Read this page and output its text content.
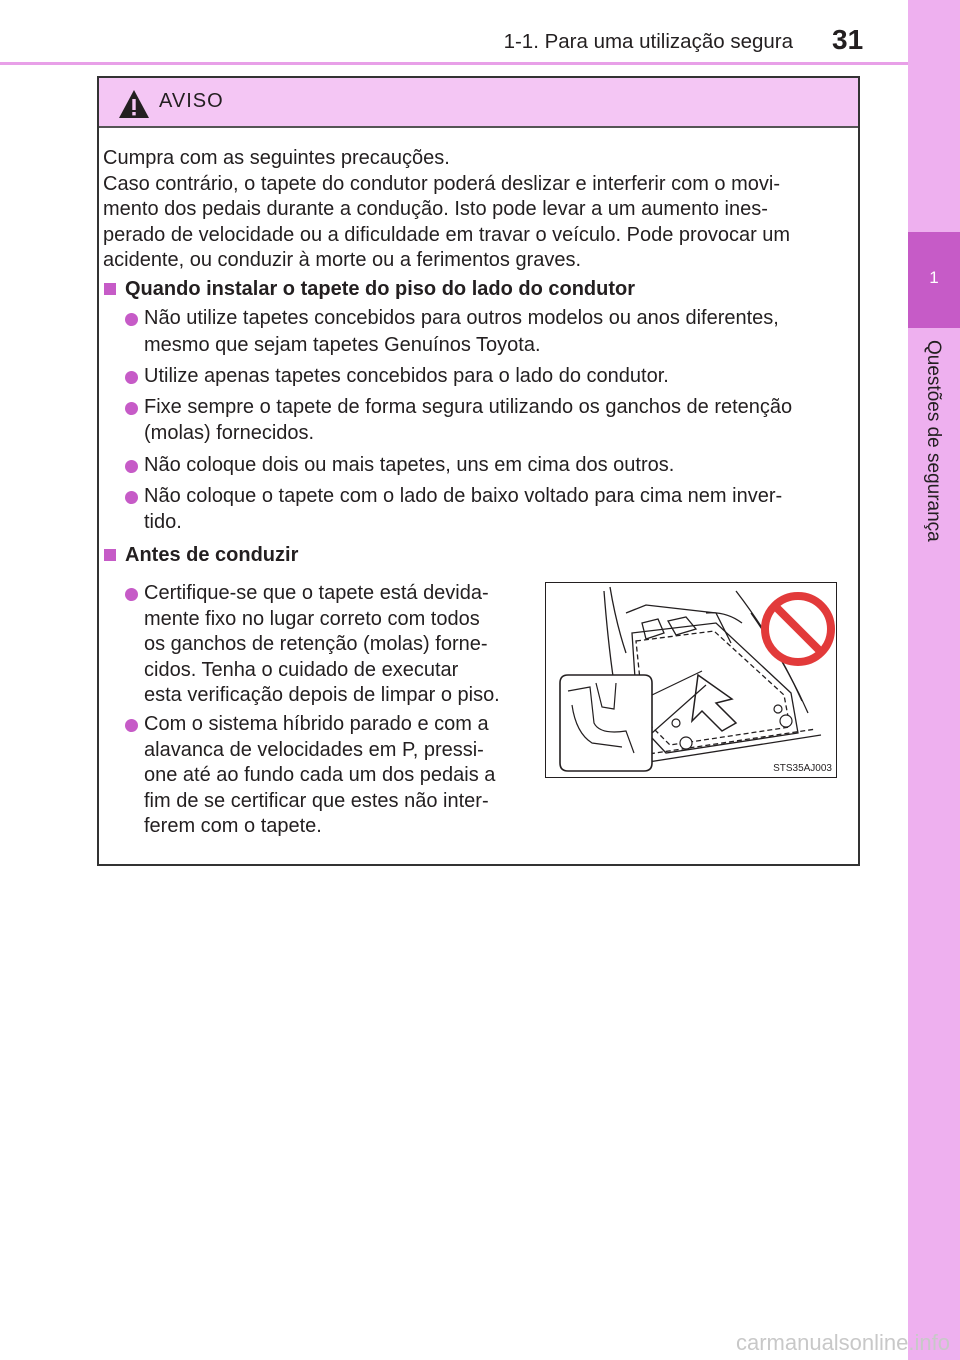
1-1. Para uma utilização segura 31
1
Questões de segurança
AVISO
Cumpra com as seguintes precauções.
Caso contrário, o tapete do condutor poderá deslizar e interferir com o movi-
mento dos pedais durante a condução. Isto pode levar a um aumento ines-
perado de velocidade ou a dificuldade em travar o veículo. Pode provocar um
acidente, ou conduzir à morte ou a ferimentos graves.
Quando instalar o tapete do piso do lado do condutor
Não utilize tapetes concebidos para outros modelos ou anos diferentes,
mesmo que sejam tapetes Genuínos Toyota.
Utilize apenas tapetes concebidos para o lado do condutor.
Fixe sempre o tapete de forma segura utilizando os ganchos de retenção
(molas) fornecidos.
Não coloque dois ou mais tapetes, uns em cima dos outros.
Não coloque o tapete com o lado de baixo voltado para cima nem inver-
tido.
Antes de conduzir
Certifique-se que o tapete está devida-
mente fixo no lugar correto com todos
os ganchos de retenção (molas) forne-
cidos. Tenha o cuidado de executar
esta verificação depois de limpar o piso.
Com o sistema híbrido parado e com a
alavanca de velocidades em P, pressi-
one até ao fundo cada um dos pedais a
fim de se certificar que estes não inter-
ferem com o tapete.
STS35AJ003
carmanualsonline.info
